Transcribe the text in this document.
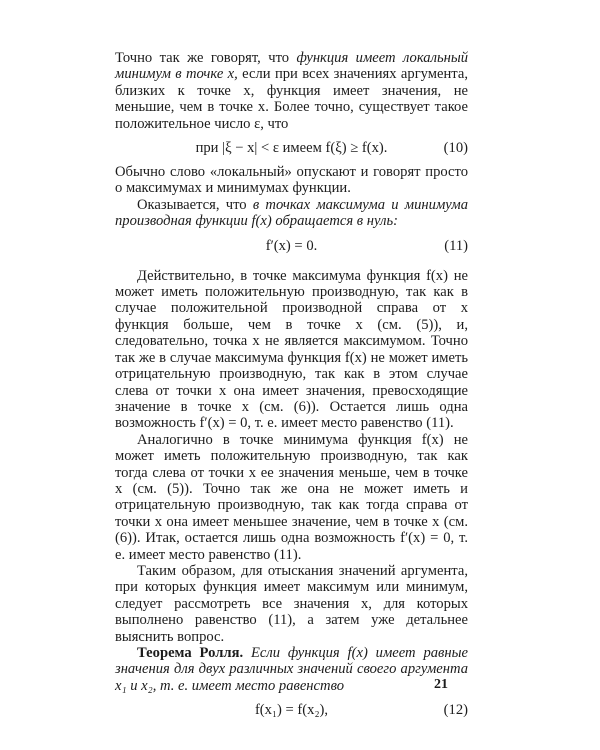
Точно так же говорят, что функция имеет локальный минимум в точке x, если при всех значениях аргумента, близких к точке x, функция имеет значения, не меньшие, чем в точке x. Более точно, существует такое положительное число ε, что

при |ξ − x| < ε имеем f(ξ) ≥ f(x).	(10)

Обычно слово «локальный» опускают и говорят просто о максимумах и минимумах функции.

Оказывается, что в точках максимума и минимума производная функции f(x) обращается в нуль:

f′(x) = 0.	(11)

Действительно, в точке максимума функция f(x) не может иметь положительную производную, так как в случае положительной производной справа от x функция больше, чем в точке x (см. (5)), и, следовательно, точка x не является максимумом. Точно так же в случае максимума функция f(x) не может иметь отрицательную производную, так как в этом случае слева от точки x она имеет значения, превосходящие значение в точке x (см. (6)). Остается лишь одна возможность f′(x) = 0, т. е. имеет место равенство (11).

Аналогично в точке минимума функция f(x) не может иметь положительную производную, так как тогда слева от точки x ее значения меньше, чем в точке x (см. (5)). Точно так же она не может иметь и отрицательную производную, так как тогда справа от точки x она имеет меньшее значение, чем в точке x (см. (6)). Итак, остается лишь одна возможность f′(x) = 0, т. е. имеет место равенство (11).

Таким образом, для отыскания значений аргумента, при которых функция имеет максимум или минимум, следует рассмотреть все значения x, для которых выполнено равенство (11), а затем уже детальнее выяснить вопрос.

Теорема Ролля. Если функция f(x) имеет равные значения для двух различных значений своего аргумента x₁ и x₂, т. е. имеет место равенство

f(x₁) = f(x₂),	(12)
21
